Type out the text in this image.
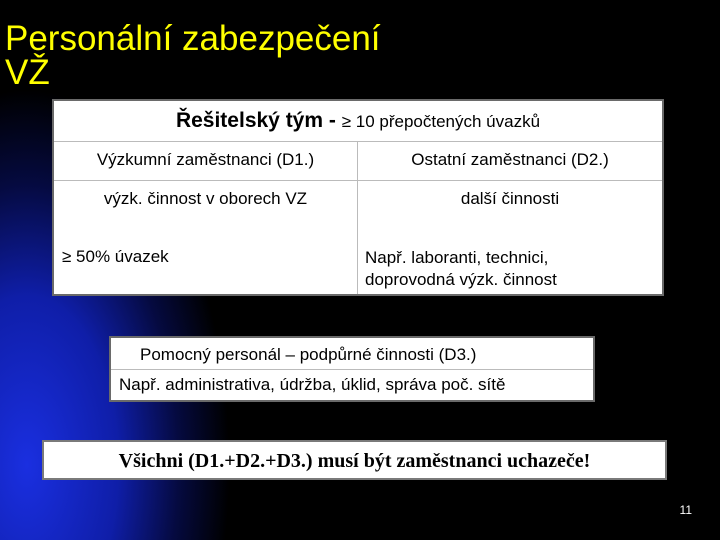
Personální zabezpečení
VŽ
Řešitelský tým - ≥ 10 přepočtených úvazků
Výzkumní zaměstnanci (D1.)	Ostatní zaměstnanci (D2.)
výzk. činnost v oborech VZ	další činnosti
≥ 50% úvazek	Např. laboranti, technici,
doprovodná výzk. činnost
Pomocný personál – podpůrné činnosti (D3.)
Např. administrativa, údržba, úklid, správa poč. sítě
Všichni (D1.+D2.+D3.) musí být zaměstnanci uchazeče!
11
